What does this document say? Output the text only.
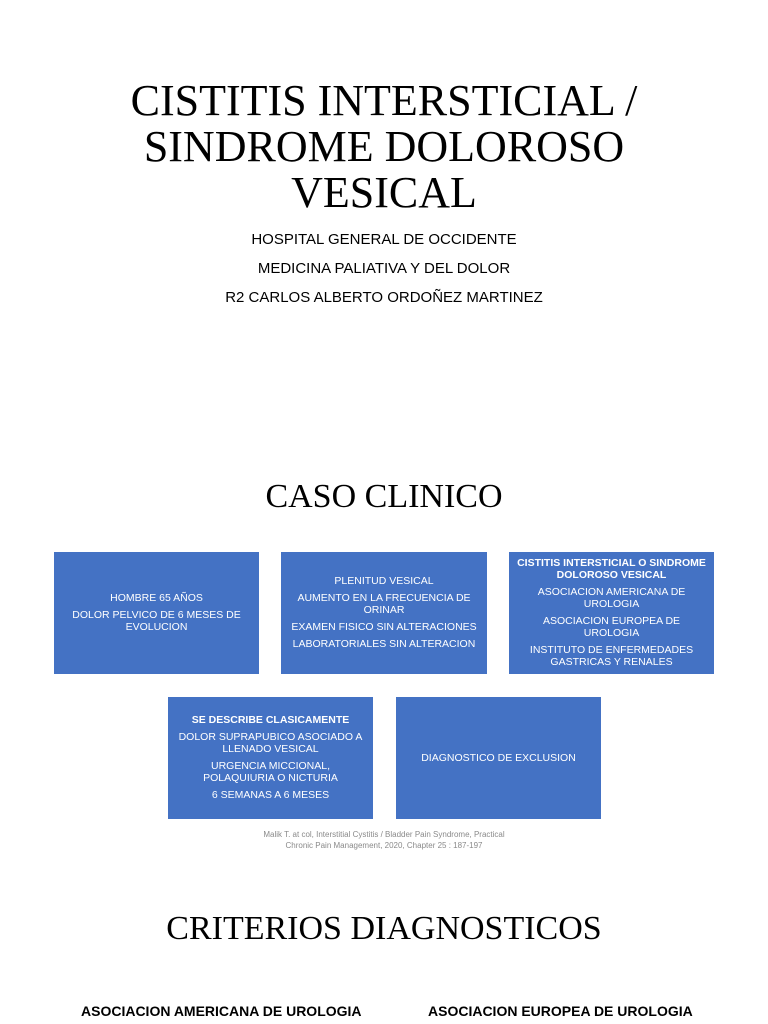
CISTITIS INTERSTICIAL /
SINDROME DOLOROSO
VESICAL
HOSPITAL GENERAL DE OCCIDENTE
MEDICINA PALIATIVA Y DEL DOLOR
R2 CARLOS ALBERTO ORDOÑEZ MARTINEZ
CASO CLINICO

HOMBRE 65 AÑOS

DOLOR PELVICO DE 6 MESES DE EVOLUCION

PLENITUD VESICAL

AUMENTO EN LA FRECUENCIA DE ORINAR

EXAMEN FISICO SIN ALTERACIONES

LABORATORIALES SIN ALTERACION

CISTITIS INTERSTICIAL O SINDROME DOLOROSO VESICAL

ASOCIACION AMERICANA DE UROLOGIA

ASOCIACION EUROPEA DE UROLOGIA

INSTITUTO DE ENFERMEDADES GASTRICAS Y RENALES

SE DESCRIBE CLASICAMENTE

DOLOR SUPRAPUBICO ASOCIADO A LLENADO VESICAL

URGENCIA MICCIONAL, POLAQUIURIA O NICTURIA

6 SEMANAS A 6 MESES

DIAGNOSTICO DE EXCLUSION

Malik T. at col, Interstitial Cystitis / Bladder Pain Syndrome, Practical Chronic Pain Management, 2020, Chapter 25 : 187-197
CRITERIOS DIAGNOSTICOS
ASOCIACION AMERICANA DE UROLOGIA	ASOCIACION EUROPEA DE UROLOGIA
